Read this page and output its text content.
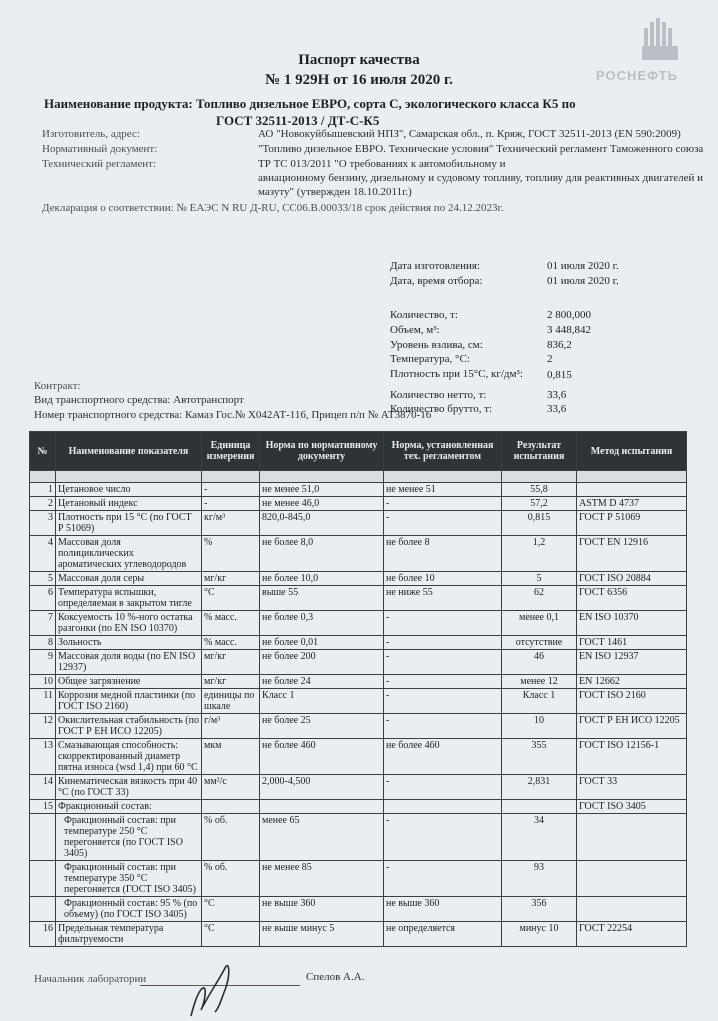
Паспорт качества
№ 1 929Н от 16 июля 2020 г.	РОСНЕФТЬ
Наименование продукта: Топливо дизельное ЕВРО, сорта С, экологического класса К5 по
ГОСТ 32511-2013 / ДТ-С-К5
Изготовитель, адрес:	АО "Новокуйбышевский НПЗ", Самарская обл., п. Кряж, ГОСТ 32511-2013 (EN 590:2009)
Нормативный документ:	"Топливо дизельное ЕВРО. Технические условия" Технический регламент Таможенного союза
Технический регламент:	ТР ТС 013/2011 "О требованиях к автомобильному и
авиационному бензину, дизельному и судовому топливу, топливу для реактивных двигателей и
мазуту" (утвержден 18.10.2011г.)
Декларация о соответствии: № ЕАЭС N RU Д-RU, СС06.В.00033/18 срок действия по 24.12.2023г.
Дата изготовления:	01 июля 2020 г.
Дата, время отбора:	01 июля 2020 г.
Количество, т:	2 800,000
Объем, м³:	3 448,842
Уровень взлива, см:	836,2
Температура, °С:	2
Плотность при 15°С, кг/дм³: 0,815
Контракт:
Вид транспортного средства: Автотранспорт
Номер транспортного средства: Камаз Гос.№ Х042АТ-116, Прицеп п/п № АТ3870-16
Количество нетто, т:	33,6
Количество брутто, т:	33,6
№	Наименование показателя	Единица измерения	Норма по нормативному документу	Норма, установленная тех. регламентом	Результат испытания	Метод испытания

1	Цетановое число	-	не менее 51,0	не менее 51	55,8	
2	Цетановый индекс	-	не менее 46,0	-	57,2	ASTM D 4737
3	Плотность при 15 °С (по ГОСТ Р 51069)	кг/м³	820,0-845,0	-	0,815	ГОСТ Р 51069
4	Массовая доля полициклических ароматических углеводородов	%	не более 8,0	не более 8	1,2	ГОСТ EN 12916
5	Массовая доля серы	мг/кг	не более 10,0	не более 10	5	ГОСТ ISO 20884
6	Температура вспышки, определяемая в закрытом тигле	°С	выше 55	не ниже 55	62	ГОСТ 6356
7	Коксуемость 10 %-ного остатка разгонки (по EN ISO 10370)	% масс.	не более 0,3	-	менее 0,1	EN ISO 10370
8	Зольность	% масс.	не более 0,01	-	отсутствие	ГОСТ 1461
9	Массовая доля воды (по EN ISO 12937)	мг/кг	не более 200	-	46	EN ISO 12937
10	Общее загрязнение	мг/кг	не более 24	-	менее 12	EN 12662
11	Коррозия медной пластинки (по ГОСТ ISO 2160)	единицы по шкале	Класс 1	-	Класс 1	ГОСТ ISO 2160
12	Окислительная стабильность (по ГОСТ Р ЕН ИСО 12205)	г/м³	не более 25	-	10	ГОСТ Р ЕН ИСО 12205
13	Смазывающая способность: скорректированный диаметр пятна износа (wsd 1,4) при 60 °С	мкм	не более 460	не более 460	355	ГОСТ ISO 12156-1
14	Кинематическая вязкость при 40 °С (по ГОСТ 33)	мм²/с	2,000-4,500	-	2,831	ГОСТ 33
15	Фракционный состав:					ГОСТ ISO 3405
	Фракционный состав: при температуре 250 °С перегоняется (по ГОСТ ISO 3405)	% об.	менее 65	-	34	
	Фракционный состав: при температуре 350 °С перегоняется (ГОСТ ISO 3405)	% об.	не менее 85	-	93	
	Фракционный состав: 95 % (по объему) (по ГОСТ ISO 3405)	°С	не выше 360	не выше 360	356	
16	Предельная температура фильтруемости	°С	не выше минус 5	не определяется	минус 10	ГОСТ 22254
Начальник лаборатории	Спелов А.А.
